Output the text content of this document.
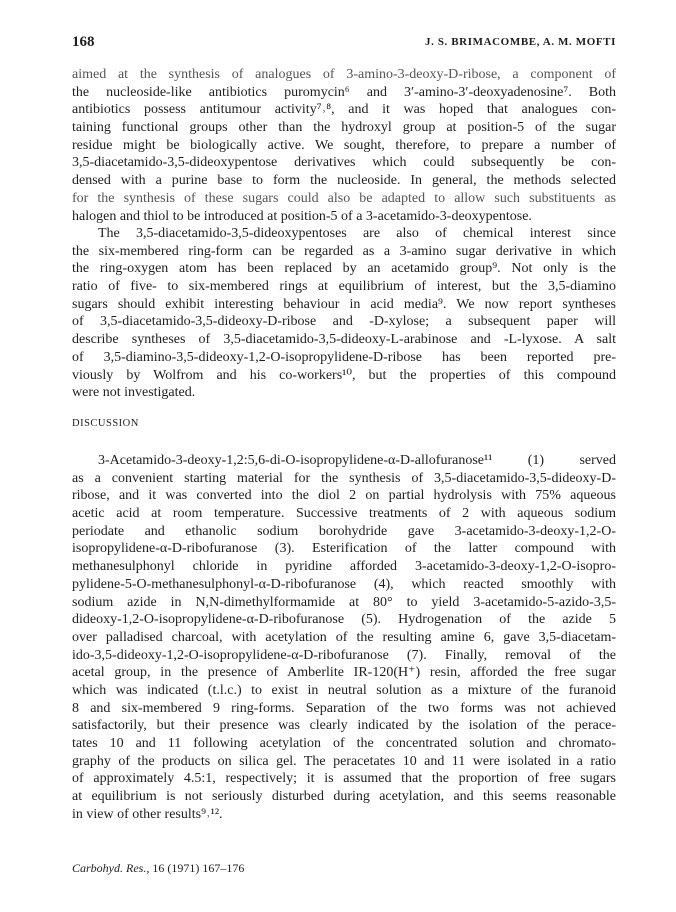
168	J. S. BRIMACOMBE, A. M. MOFTI
aimed at the synthesis of analogues of 3-amino-3-deoxy-D-ribose, a component of
the nucleoside-like antibiotics puromycin⁶ and 3′-amino-3′-deoxyadenosine⁷. Both
antibiotics possess antitumour activity⁷˒⁸, and it was hoped that analogues con-
taining functional groups other than the hydroxyl group at position-5 of the sugar
residue might be biologically active. We sought, therefore, to prepare a number of
3,5-diacetamido-3,5-dideoxypentose derivatives which could subsequently be con-
densed with a purine base to form the nucleoside. In general, the methods selected
for the synthesis of these sugars could also be adapted to allow such substituents as
halogen and thiol to be introduced at position-5 of a 3-acetamido-3-deoxypentose.
The 3,5-diacetamido-3,5-dideoxypentoses are also of chemical interest since
the six-membered ring-form can be regarded as a 3-amino sugar derivative in which
the ring-oxygen atom has been replaced by an acetamido group⁹. Not only is the
ratio of five- to six-membered rings at equilibrium of interest, but the 3,5-diamino
sugars should exhibit interesting behaviour in acid media⁹. We now report syntheses
of 3,5-diacetamido-3,5-dideoxy-D-ribose and -D-xylose; a subsequent paper will
describe syntheses of 3,5-diacetamido-3,5-dideoxy-L-arabinose and -L-lyxose. A salt
of 3,5-diamino-3,5-dideoxy-1,2-O-isopropylidene-D-ribose has been reported pre-
viously by Wolfrom and his co-workers¹⁰, but the properties of this compound
were not investigated.
DISCUSSION
3-Acetamido-3-deoxy-1,2:5,6-di-O-isopropylidene-α-D-allofuranose¹¹ (1) served
as a convenient starting material for the synthesis of 3,5-diacetamido-3,5-dideoxy-D-
ribose, and it was converted into the diol 2 on partial hydrolysis with 75% aqueous
acetic acid at room temperature. Successive treatments of 2 with aqueous sodium
periodate and ethanolic sodium borohydride gave 3-acetamido-3-deoxy-1,2-O-
isopropylidene-α-D-ribofuranose (3). Esterification of the latter compound with
methanesulphonyl chloride in pyridine afforded 3-acetamido-3-deoxy-1,2-O-isopro-
pylidene-5-O-methanesulphonyl-α-D-ribofuranose (4), which reacted smoothly with
sodium azide in N,N-dimethylformamide at 80° to yield 3-acetamido-5-azido-3,5-
dideoxy-1,2-O-isopropylidene-α-D-ribofuranose (5). Hydrogenation of the azide 5
over palladised charcoal, with acetylation of the resulting amine 6, gave 3,5-diacetam-
ido-3,5-dideoxy-1,2-O-isopropylidene-α-D-ribofuranose (7). Finally, removal of the
acetal group, in the presence of Amberlite IR-120(H⁺) resin, afforded the free sugar
which was indicated (t.l.c.) to exist in neutral solution as a mixture of the furanoid
8 and six-membered 9 ring-forms. Separation of the two forms was not achieved
satisfactorily, but their presence was clearly indicated by the isolation of the perace-
tates 10 and 11 following acetylation of the concentrated solution and chromato-
graphy of the products on silica gel. The peracetates 10 and 11 were isolated in a ratio
of approximately 4.5:1, respectively; it is assumed that the proportion of free sugars
at equilibrium is not seriously disturbed during acetylation, and this seems reasonable
in view of other results⁹˒¹².
Carbohyd. Res., 16 (1971) 167–176
